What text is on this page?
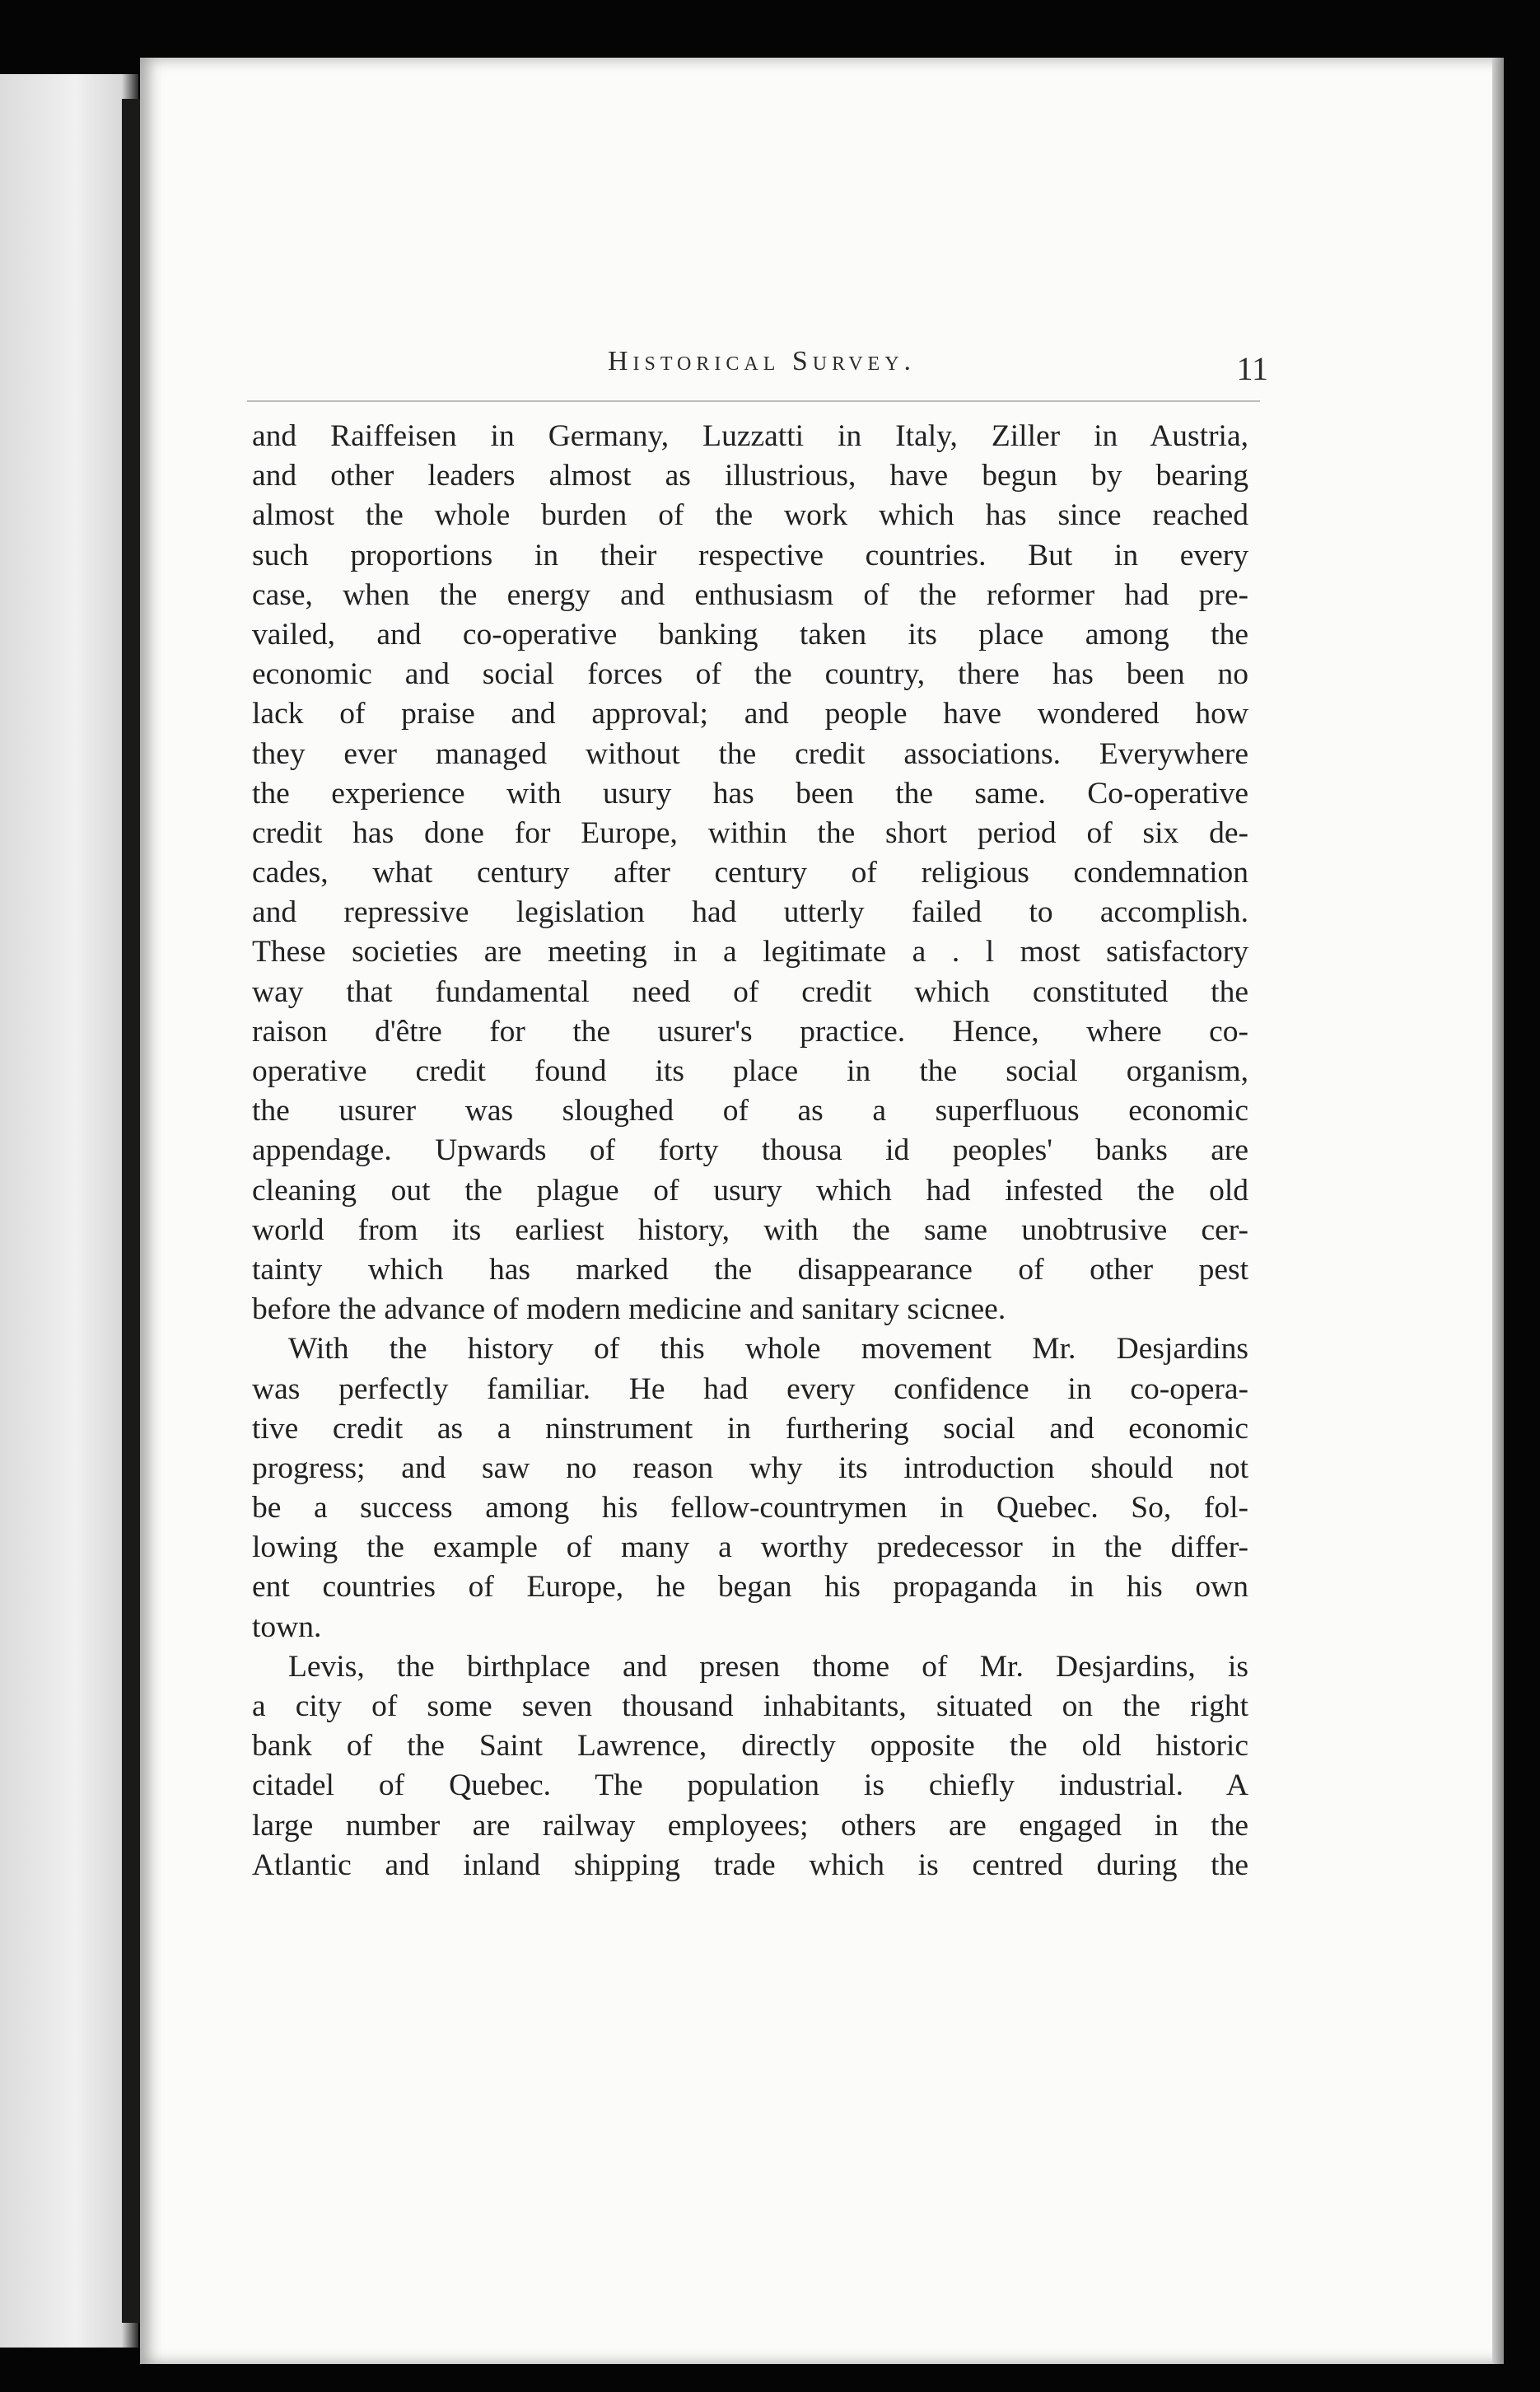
Historical Survey.	11
and Raiffeisen in Germany, Luzzatti in Italy, Ziller in Austria,
and other leaders almost as illustrious, have begun by bearing
almost the whole burden of the work which has since reached
such proportions in their respective countries. But in every
case, when the energy and enthusiasm of the reformer had pre-
vailed, and co-operative banking taken its place among the
economic and social forces of the country, there has been no
lack of praise and approval; and people have wondered how
they ever managed without the credit associations. Everywhere
the experience with usury has been the same. Co-operative
credit has done for Europe, within the short period of six de-
cades, what century after century of religious condemnation
and repressive legislation had utterly failed to accomplish.
These societies are meeting in a legitimate a . l most satisfactory
way that fundamental need of credit which constituted the
raison d'être for the usurer's practice. Hence, where co-
operative credit found its place in the social organism,
the usurer was sloughed of as a superfluous economic
appendage. Upwards of forty thousa id peoples' banks are
cleaning out the plague of usury which had infested the old
world from its earliest history, with the same unobtrusive cer-
tainty which has marked the disappearance of other pest
before the advance of modern medicine and sanitary scicnee.
With the history of this whole movement Mr. Desjardins
was perfectly familiar. He had every confidence in co-opera-
tive credit as a ninstrument in furthering social and economic
progress; and saw no reason why its introduction should not
be a success among his fellow-countrymen in Quebec. So, fol-
lowing the example of many a worthy predecessor in the differ-
ent countries of Europe, he began his propaganda in his own
town.
Levis, the birthplace and presen thome of Mr. Desjardins, is
a city of some seven thousand inhabitants, situated on the right
bank of the Saint Lawrence, directly opposite the old historic
citadel of Quebec. The population is chiefly industrial. A
large number are railway employees; others are engaged in the
Atlantic and inland shipping trade which is centred during the
